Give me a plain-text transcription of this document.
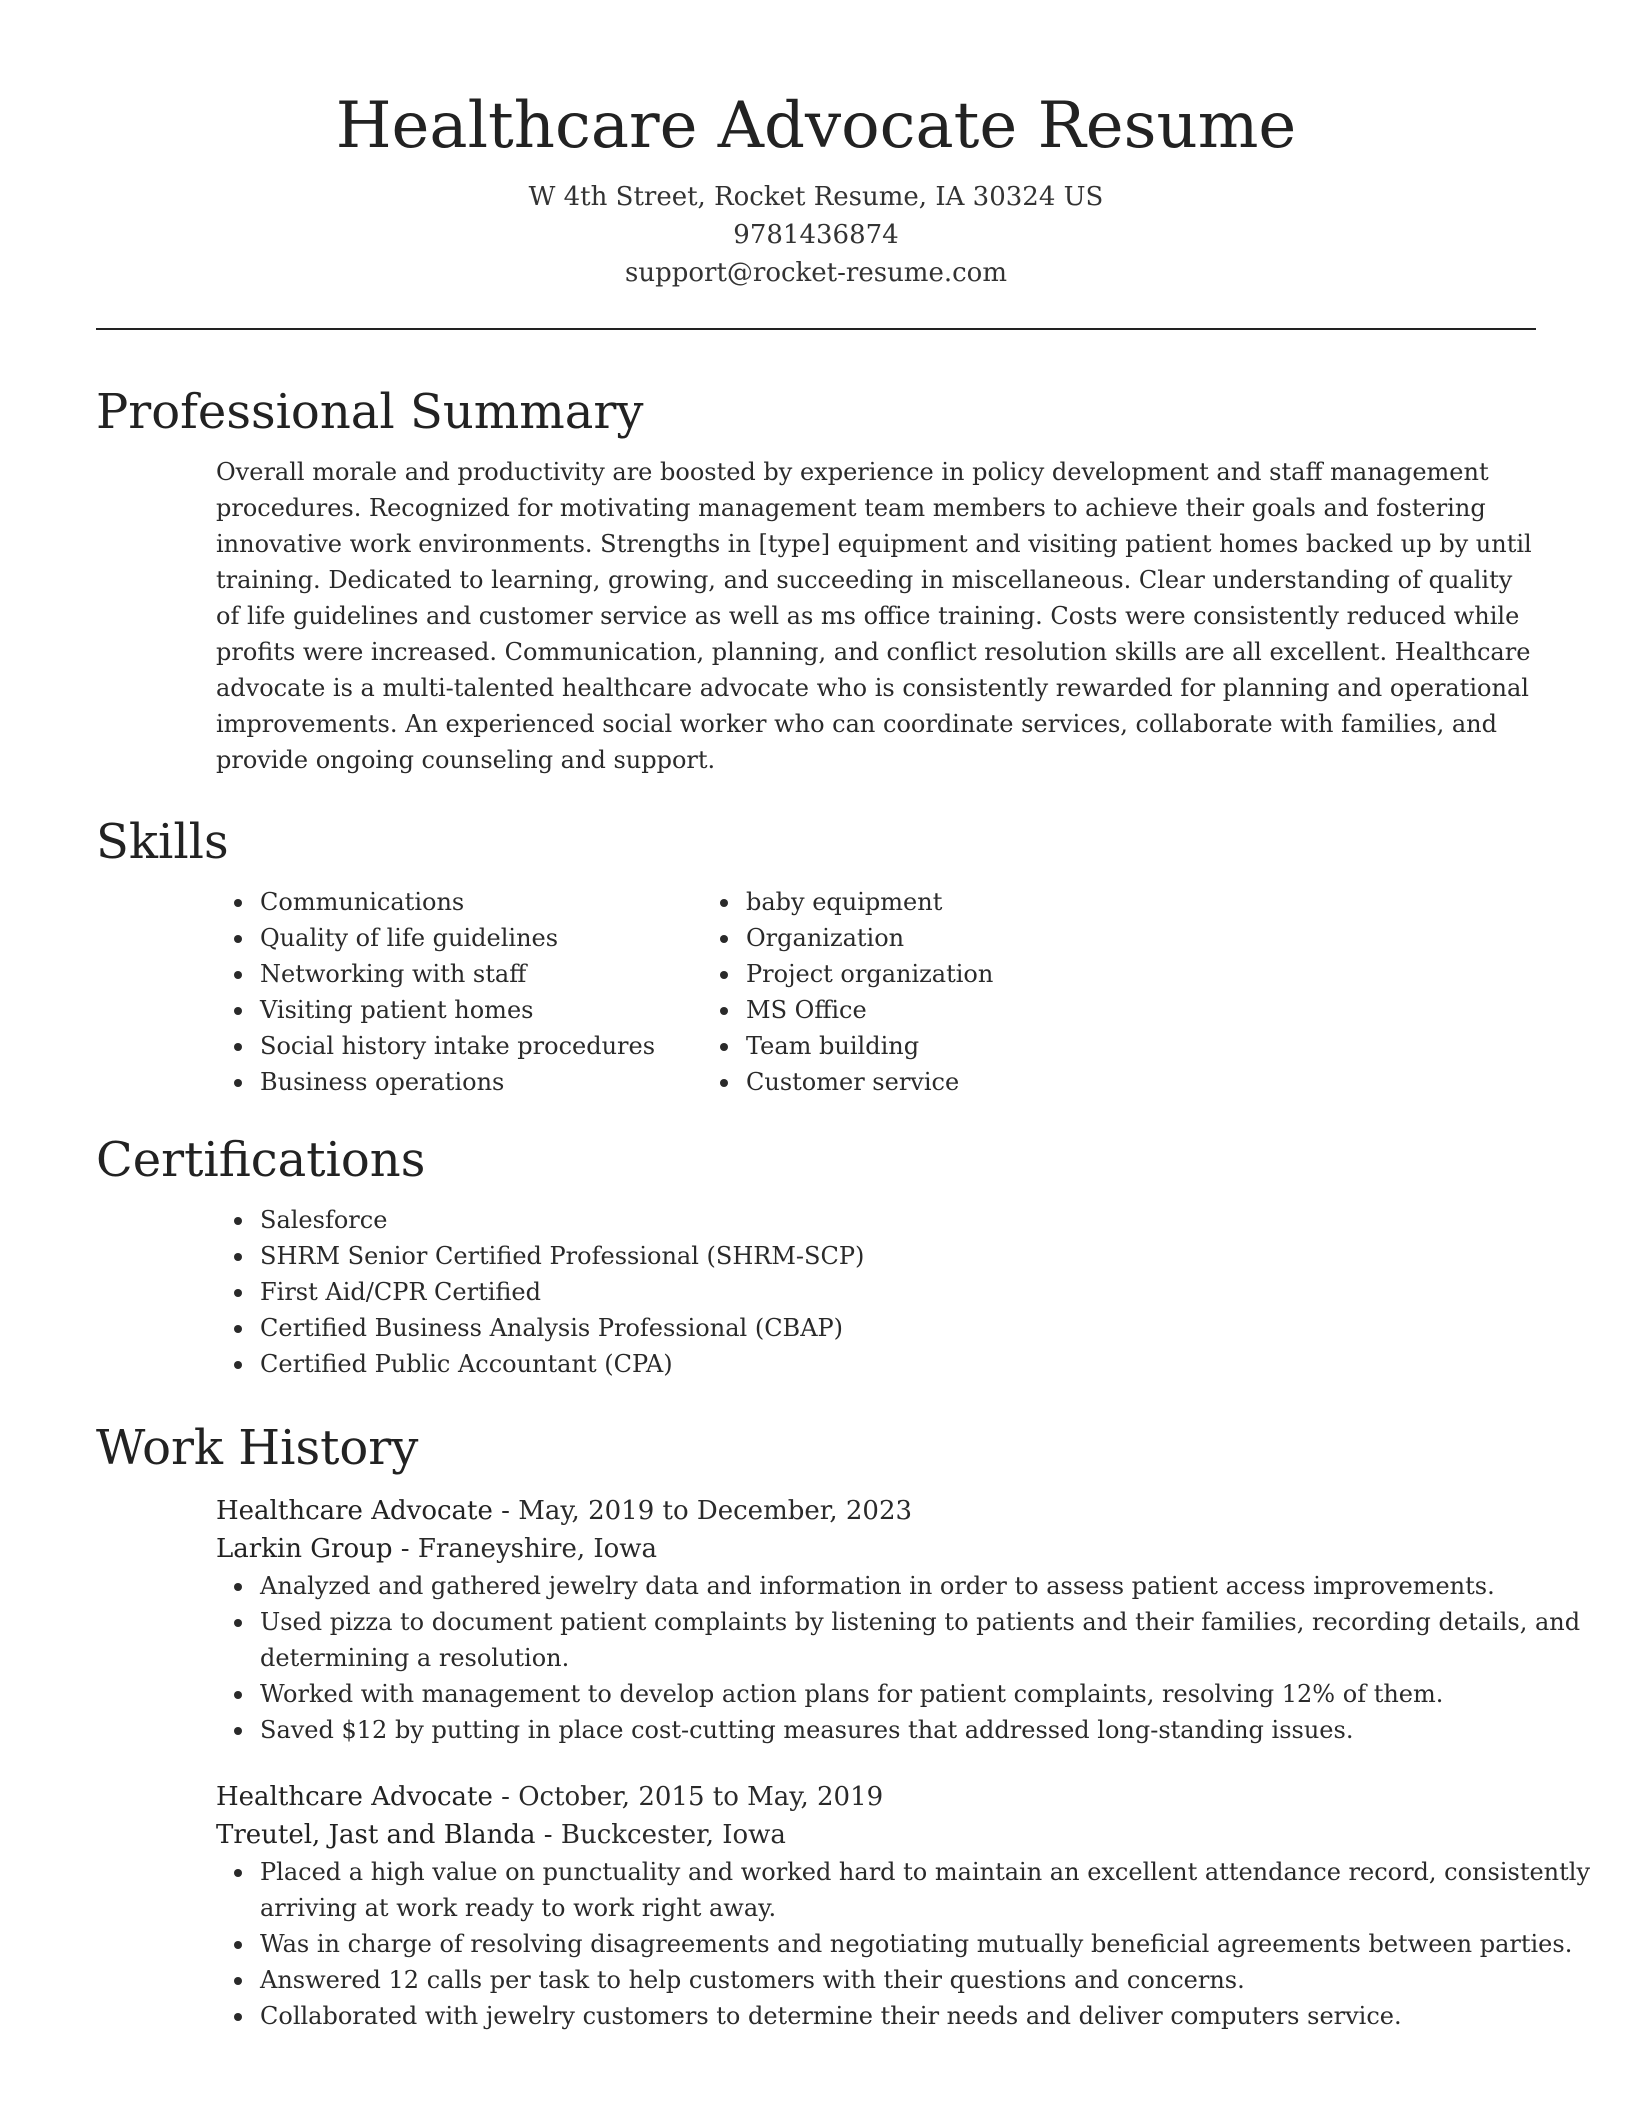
Healthcare Advocate Resume

W 4th Street, Rocket Resume, IA 30324 US

9781436874

support@rocket-resume.com

Professional Summary

Overall morale and productivity are boosted by experience in policy development and staff management procedures. Recognized for motivating management team members to achieve their goals and fostering innovative work environments. Strengths in [type] equipment and visiting patient homes backed up by until training. Dedicated to learning, growing, and succeeding in miscellaneous. Clear understanding of quality of life guidelines and customer service as well as ms office training. Costs were consistently reduced while profits were increased. Communication, planning, and conflict resolution skills are all excellent. Healthcare advocate is a multi-talented healthcare advocate who is consistently rewarded for planning and operational improvements. An experienced social worker who can coordinate services, collaborate with families, and provide ongoing counseling and support.

Skills
Communications
Quality of life guidelines
Networking with staff
Visiting patient homes
Social history intake procedures
Business operations
baby equipment
Organization
Project organization
MS Office
Team building
Customer service
Certifications
Salesforce
SHRM Senior Certified Professional (SHRM-SCP)
First Aid/CPR Certified
Certified Business Analysis Professional (CBAP)
Certified Public Accountant (CPA)
Work History

Healthcare Advocate - May, 2019 to December, 2023

Larkin Group - Franeyshire, Iowa

Analyzed and gathered jewelry data and information in order to assess patient access improvements.
Used pizza to document patient complaints by listening to patients and their families, recording details, and determining a resolution.
Worked with management to develop action plans for patient complaints, resolving 12% of them.
Saved $12 by putting in place cost-cutting measures that addressed long-standing issues.

Healthcare Advocate - October, 2015 to May, 2019

Treutel, Jast and Blanda - Buckcester, Iowa

Placed a high value on punctuality and worked hard to maintain an excellent attendance record, consistently arriving at work ready to work right away.
Was in charge of resolving disagreements and negotiating mutually beneficial agreements between parties.
Answered 12 calls per task to help customers with their questions and concerns.
Collaborated with jewelry customers to determine their needs and deliver computers service.
